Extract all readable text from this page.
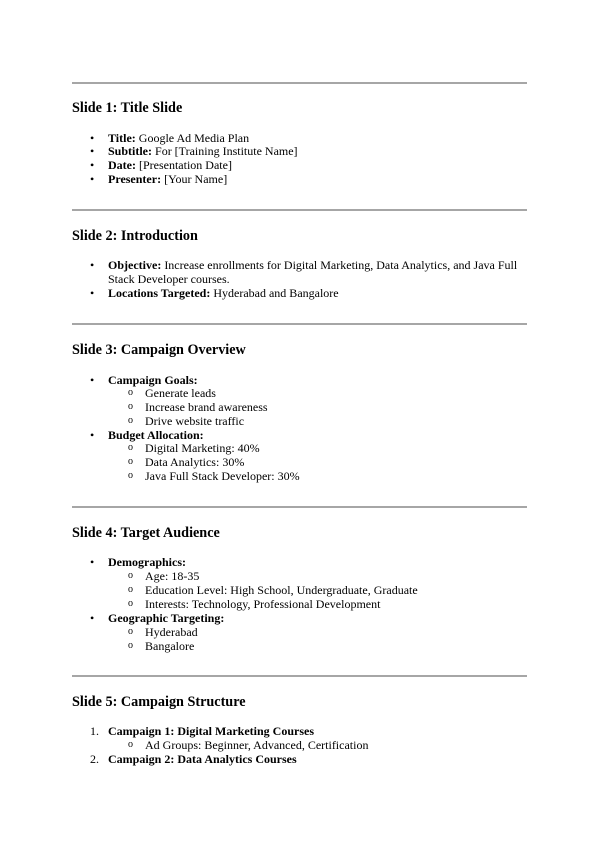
Slide 1: Title Slide
• Title: Google Ad Media Plan
• Subtitle: For [Training Institute Name]
• Date: [Presentation Date]
• Presenter: [Your Name]
Slide 2: Introduction
• Objective: Increase enrollments for Digital Marketing, Data Analytics, and Java Full
Stack Developer courses.
• Locations Targeted: Hyderabad and Bangalore
Slide 3: Campaign Overview
• Campaign Goals:
o Generate leads
o Increase brand awareness
o Drive website traffic
• Budget Allocation:
o Digital Marketing: 40%
o Data Analytics: 30%
o Java Full Stack Developer: 30%
Slide 4: Target Audience
• Demographics:
o Age: 18-35
o Education Level: High School, Undergraduate, Graduate
o Interests: Technology, Professional Development
• Geographic Targeting:
o Hyderabad
o Bangalore
Slide 5: Campaign Structure
1. Campaign 1: Digital Marketing Courses
o Ad Groups: Beginner, Advanced, Certification
2. Campaign 2: Data Analytics Courses
